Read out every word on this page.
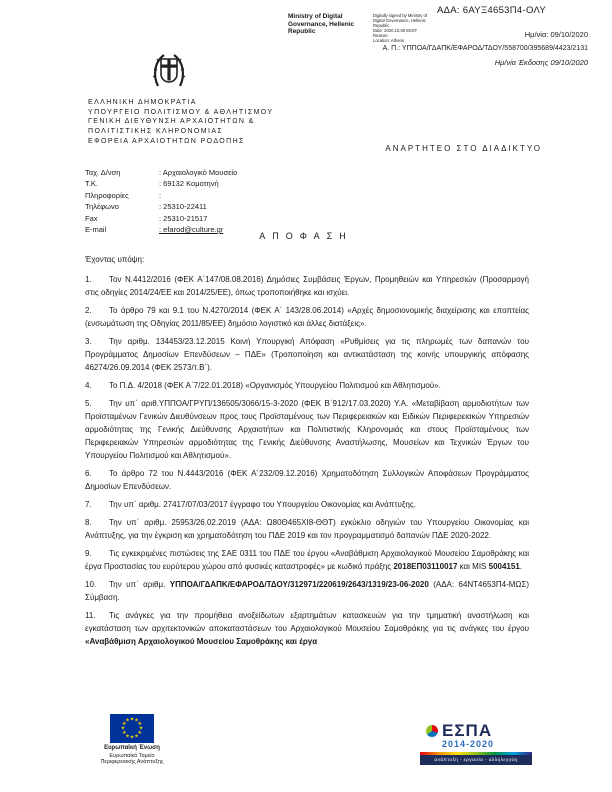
ΑΔΑ: 6ΑΥΞ4653Π4-ΟΛΥ
Ministry of Digital Governance, Hellenic Republic
Digitally signed by Ministry of
Digital Governance, Hellenic
Republic
Date: 2020.10.09 EEST
Reason:
Location: Athens
Ημ/νία: 09/10/2020
Α. Π.: ΥΠΠΟΑ/ΓΔΑΠΚ/ΕΦΑΡΟΔ/ΤΔΟΥ/558700/395689/4423/2131
Ημ/νία Έκδοσης 09/10/2020
ΕΛΛΗΝΙΚΗ ΔΗΜΟΚΡΑΤΙΑ
ΥΠΟΥΡΓΕΙΟ ΠΟΛΙΤΙΣΜΟΥ & ΑΘΛΗΤΙΣΜΟΥ
ΓΕΝΙΚΗ ΔΙΕΥΘΥΝΣΗ ΑΡΧΑΙΟΤΗΤΩΝ &
ΠΟΛΙΤΙΣΤΙΚΗΣ ΚΛΗΡΟΝΟΜΙΑΣ
ΕΦΟΡΕΙΑ ΑΡΧΑΙΟΤΗΤΩΝ ΡΟΔΟΠΗΣ
ΑΝΑΡΤΗΤΕΟ ΣΤΟ ΔΙΑΔΙΚΤΥΟ
Ταχ. Δ/νση	: Αρχαιολογικό Μουσείο
Τ.Κ.	: 69132 Κομοτηνή
Πληροφορίες	:
Τηλέφωνο	: 25310-22411
Fax	: 25310-21517
E-mail	: efarod@culture.gr
ΑΠΟΦΑΣΗ
Έχοντας υπόψη:
1. Τον Ν.4412/2016 (ΦΕΚ Α΄147/08.08.2016) Δημόσιες Συμβάσεις Έργων, Προμηθειών και Υπηρεσιών (Προσαρμογή στις οδηγίες 2014/24/ΕΕ και 2014/25/ΕΕ), όπως τροποποιήθηκε και ισχύει.
2. Το άρθρο 79 και 9.1 του Ν.4270/2014 (ΦΕΚ Α΄ 143/28.06.2014) «Αρχές δημοσιονομικής διαχείρισης και εποπτείας (ενσωμάτωση της Οδηγίας 2011/85/ΕΕ) δημόσιο λογιστικό και άλλες διατάξεις».
3. Την αριθμ. 134453/23.12.2015 Κοινή Υπουργική Απόφαση «Ρυθμίσεις για τις πληρωμές των δαπανών του Προγράμματος Δημοσίων Επενδύσεων – ΠΔΕ» (Τροποποίηση και αντικατάσταση της κοινής υπουργικής απόφασης 46274/26.09.2014 (ΦΕΚ 2573/τ.Β΄).
4. Το Π.Δ. 4/2018 (ΦΕΚ Α΄7/22.01.2018) «Οργανισμός Υπουργείου Πολιτισμού και Αθλητισμού».
5. Την υπ΄ αριθ.ΥΠΠΟΑ/ΓΡΥΠ/136505/3066/15-3-2020 (ΦΕΚ Β΄912/17.03.2020) Υ.Α. «Μεταβίβαση αρμοδιοτήτων των Προϊσταμένων Γενικών Διευθύνσεων προς τους Προϊσταμένους των Περιφερειακών και Ειδικών Περιφερειακών Υπηρεσιών αρμοδιότητας της Γενικής Διεύθυνσης Αρχαιοτήτων και Πολιτιστικής Κληρονομιάς και στους Προϊσταμένους των Περιφερειακών Υπηρεσιών αρμοδιότητας της Γενικής Διεύθυνσης Αναστήλωσης, Μουσείων και Τεχνικών Έργων του Υπουργείου Πολιτισμού και Αθλητισμού».
6. Το άρθρο 72 του Ν.4443/2016 (ΦΕΚ Α΄232/09.12.2016) Χρηματοδότηση Συλλογικών Αποφάσεων Προγράμματος Δημοσίων Επενδύσεων.
7. Την υπ΄ αριθμ. 27417/07/03/2017 έγγραφο του Υπουργείου Οικονομίας και Ανάπτυξης.
8. Την υπ΄ αριθμ. 25953/26.02.2019 (ΑΔΑ: Ω80Θ465ΧΙ8-ΘΘΤ) εγκύκλιο οδηγιών του Υπουργείου Οικονομίας και Ανάπτυξης, για την έγκριση και χρηματοδότηση του ΠΔΕ 2019 και τον προγραμματισμό δαπανών ΠΔΕ 2020-2022.
9. Τις εγκεκριμένες πιστώσεις της ΣΑΕ 0311 του ΠΔΕ του έργου «Αναβάθμιση Αρχαιολογικού Μουσείου Σαμοθράκης και έργα Προστασίας του ευρύτερου χώρου από φυσικές καταστροφές» με κωδικό πράξης 2018ΕΠ03110017 και MIS 5004151.
10. Την υπ΄ αριθμ. ΥΠΠΟΑ/ΓΔΑΠΚ/ΕΦΑΡΟΔ/ΤΔΟΥ/312971/220619/2643/1319/23-06-2020 (ΑΔΑ: 64ΝΤ4653Π4-ΜΩΣ) Σύμβαση.
11. Τις ανάγκες για την προμήθεια ανοξείδωτων εξαρτημάτων κατασκευών για την τμηματική αναστήλωση και εγκατάσταση των αρχιτεκτονικών αποκαταστάσεων του Αρχαιολογικού Μουσείου Σαμοθράκης για τις ανάγκες του έργου «Αναβάθμιση Αρχαιολογικού Μουσείου Σαμοθράκης και έργα
★ ★
★
★
★
★
★
★
★
★
★
★
Ευρωπαϊκή Ένωση
Ευρωπαϊκό Ταμείο
Περιφερειακής Ανάπτυξης
ΕΣΠΑ
2014-2020
ανάπτυξη - εργασία - αλληλεγγύη
